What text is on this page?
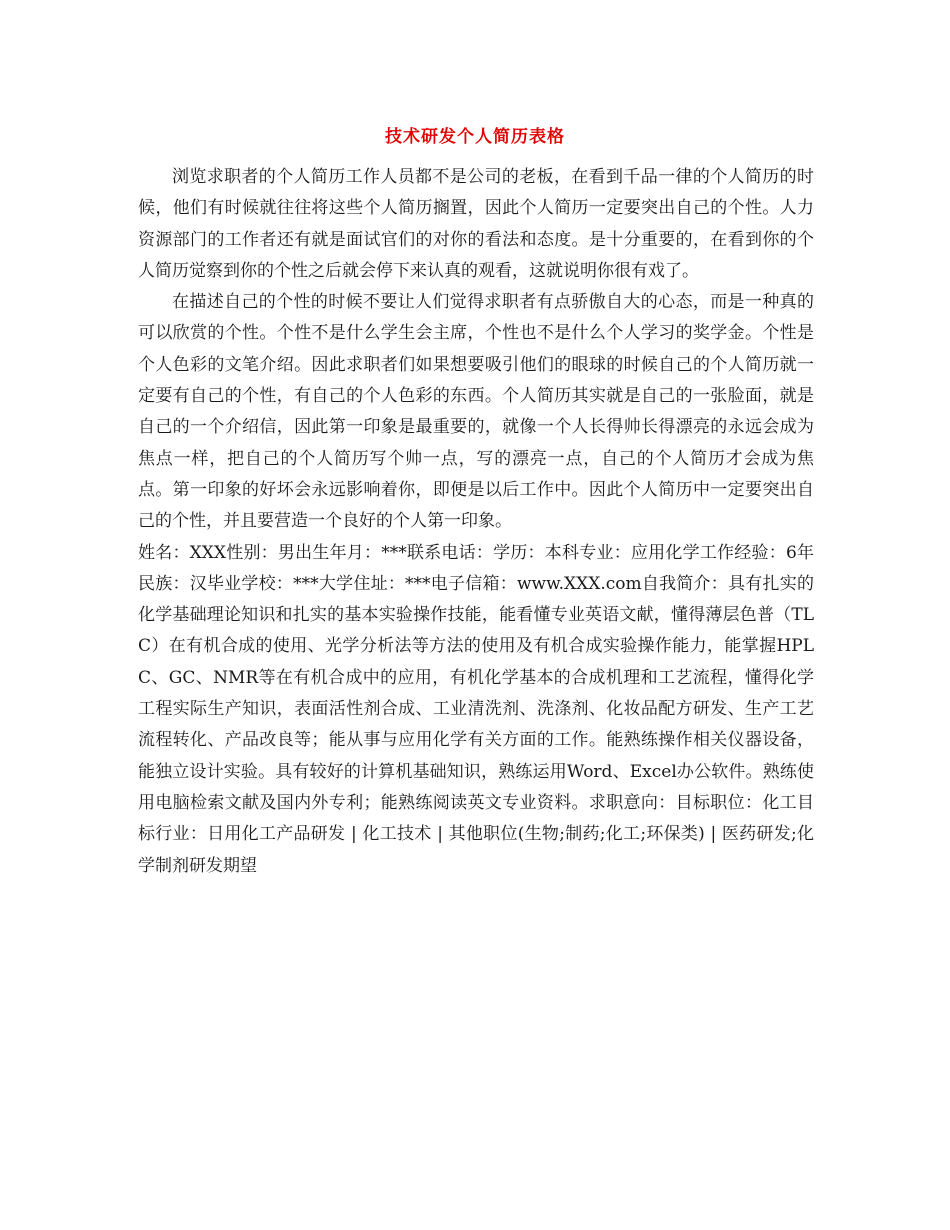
技术研发个人简历表格

浏览求职者的个人简历工作人员都不是公司的老板，在看到千品一律的个人简历的时候，他们有时候就往往将这些个人简历搁置，因此个人简历一定要突出自己的个性。人力资源部门的工作者还有就是面试官们的对你的看法和态度。是十分重要的，在看到你的个人简历觉察到你的个性之后就会停下来认真的观看，这就说明你很有戏了。

在描述自己的个性的时候不要让人们觉得求职者有点骄傲自大的心态，而是一种真的可以欣赏的个性。个性不是什么学生会主席，个性也不是什么个人学习的奖学金。个性是个人色彩的文笔介绍。因此求职者们如果想要吸引他们的眼球的时候自己的个人简历就一定要有自己的个性，有自己的个人色彩的东西。个人简历其实就是自己的一张脸面，就是自己的一个介绍信，因此第一印象是最重要的，就像一个人长得帅长得漂亮的永远会成为焦点一样，把自己的个人简历写个帅一点，写的漂亮一点，自己的个人简历才会成为焦点。第一印象的好坏会永远影响着你，即便是以后工作中。因此个人简历中一定要突出自己的个性，并且要营造一个良好的个人第一印象。

姓名：XXX性别：男出生年月：***联系电话：学历：本科专业：应用化学工作经验：6年民族：汉毕业学校：***大学住址：***电子信箱：www.XXX.com自我简介：具有扎实的化学基础理论知识和扎实的基本实验操作技能，能看懂专业英语文献，懂得薄层色普（TLC）在有机合成的使用、光学分析法等方法的使用及有机合成实验操作能力，能掌握HPLC、GC、NMR等在有机合成中的应用，有机化学基本的合成机理和工艺流程，懂得化学工程实际生产知识，表面活性剂合成、工业清洗剂、洗涤剂、化妆品配方研发、生产工艺流程转化、产品改良等；能从事与应用化学有关方面的工作。能熟练操作相关仪器设备，能独立设计实验。具有较好的计算机基础知识，熟练运用Word、Excel办公软件。熟练使用电脑检索文献及国内外专利；能熟练阅读英文专业资料。求职意向：目标职位：化工目标行业：日用化工产品研发 | 化工技术 | 其他职位(生物;制药;化工;环保类) | 医药研发;化学制剂研发期望
